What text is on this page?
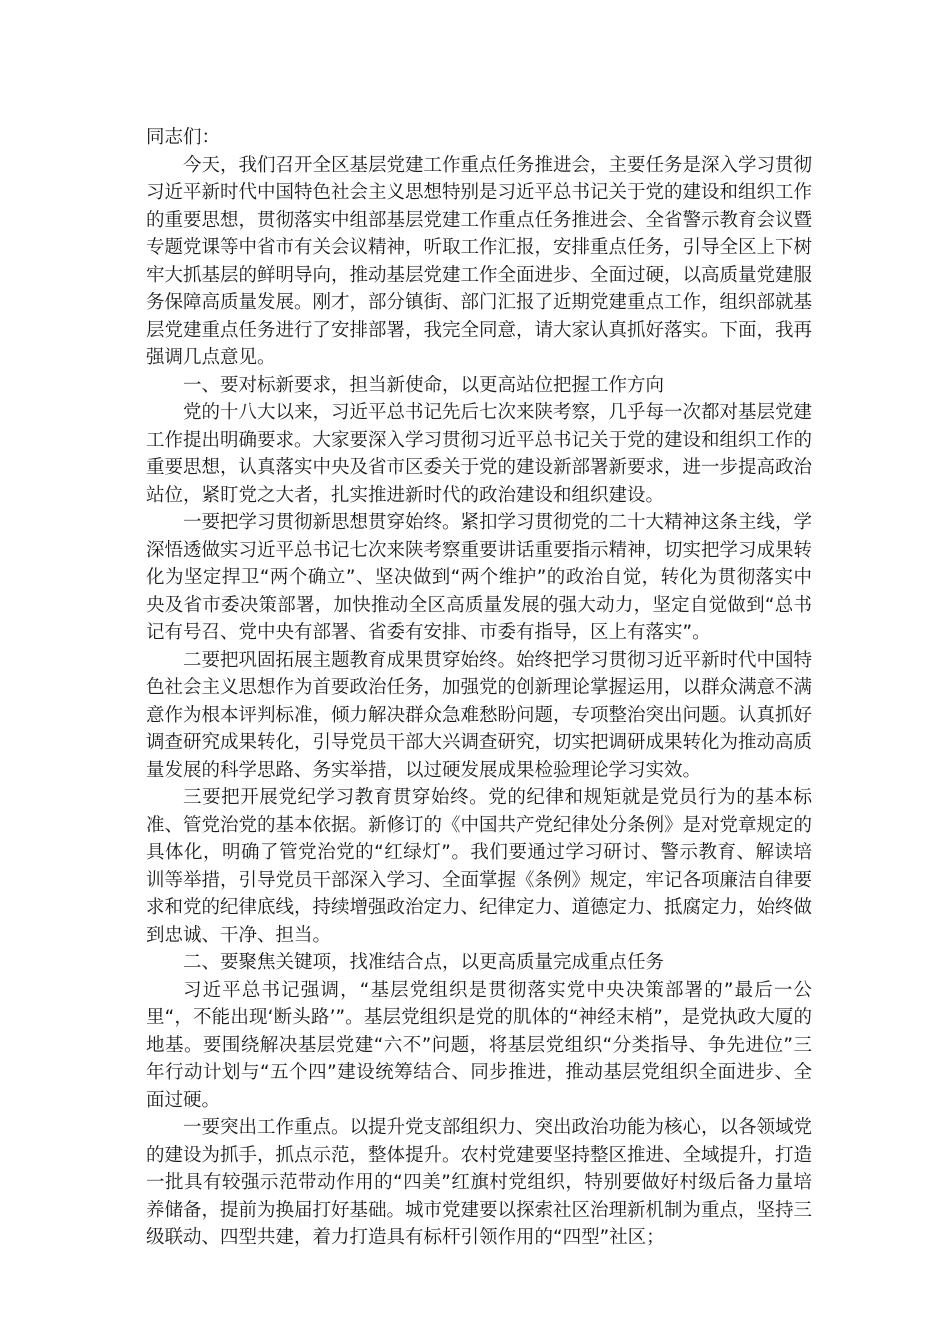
同志们：

今天，我们召开全区基层党建工作重点任务推进会，主要任务是深入学习贯彻习近平新时代中国特色社会主义思想特别是习近平总书记关于党的建设和组织工作的重要思想，贯彻落实中组部基层党建工作重点任务推进会、全省警示教育会议暨专题党课等中省市有关会议精神，听取工作汇报，安排重点任务，引导全区上下树牢大抓基层的鲜明导向，推动基层党建工作全面进步、全面过硬，以高质量党建服务保障高质量发展。刚才，部分镇街、部门汇报了近期党建重点工作，组织部就基层党建重点任务进行了安排部署，我完全同意，请大家认真抓好落实。下面，我再强调几点意见。

一、要对标新要求，担当新使命，以更高站位把握工作方向

党的十八大以来，习近平总书记先后七次来陕考察，几乎每一次都对基层党建工作提出明确要求。大家要深入学习贯彻习近平总书记关于党的建设和组织工作的重要思想，认真落实中央及省市区委关于党的建设新部署新要求，进一步提高政治站位，紧盯党之大者，扎实推进新时代的政治建设和组织建设。

一要把学习贯彻新思想贯穿始终。紧扣学习贯彻党的二十大精神这条主线，学深悟透做实习近平总书记七次来陕考察重要讲话重要指示精神，切实把学习成果转化为坚定捍卫“两个确立”、坚决做到“两个维护”的政治自觉，转化为贯彻落实中央及省市委决策部署，加快推动全区高质量发展的强大动力，坚定自觉做到“总书记有号召、党中央有部署、省委有安排、市委有指导，区上有落实”。

二要把巩固拓展主题教育成果贯穿始终。始终把学习贯彻习近平新时代中国特色社会主义思想作为首要政治任务，加强党的创新理论掌握运用，以群众满意不满意作为根本评判标准，倾力解决群众急难愁盼问题，专项整治突出问题。认真抓好调查研究成果转化，引导党员干部大兴调查研究，切实把调研成果转化为推动高质量发展的科学思路、务实举措，以过硬发展成果检验理论学习实效。

三要把开展党纪学习教育贯穿始终。党的纪律和规矩就是党员行为的基本标准、管党治党的基本依据。新修订的《中国共产党纪律处分条例》是对党章规定的具体化，明确了管党治党的“红绿灯”。我们要通过学习研讨、警示教育、解读培训等举措，引导党员干部深入学习、全面掌握《条例》规定，牢记各项廉洁自律要求和党的纪律底线，持续增强政治定力、纪律定力、道德定力、抵腐定力，始终做到忠诚、干净、担当。

二、要聚焦关键项，找准结合点，以更高质量完成重点任务

习近平总书记强调，“基层党组织是贯彻落实党中央决策部署的”最后一公里“，不能出现‘断头路’”。基层党组织是党的肌体的“神经末梢”，是党执政大厦的地基。要围绕解决基层党建“六不”问题，将基层党组织“分类指导、争先进位”三年行动计划与“五个四”建设统筹结合、同步推进，推动基层党组织全面进步、全面过硬。

一要突出工作重点。以提升党支部组织力、突出政治功能为核心，以各领域党的建设为抓手，抓点示范，整体提升。农村党建要坚持整区推进、全域提升，打造一批具有较强示范带动作用的“四美”红旗村党组织，特别要做好村级后备力量培养储备，提前为换届打好基础。城市党建要以探索社区治理新机制为重点，坚持三级联动、四型共建，着力打造具有标杆引领作用的“四型”社区；
